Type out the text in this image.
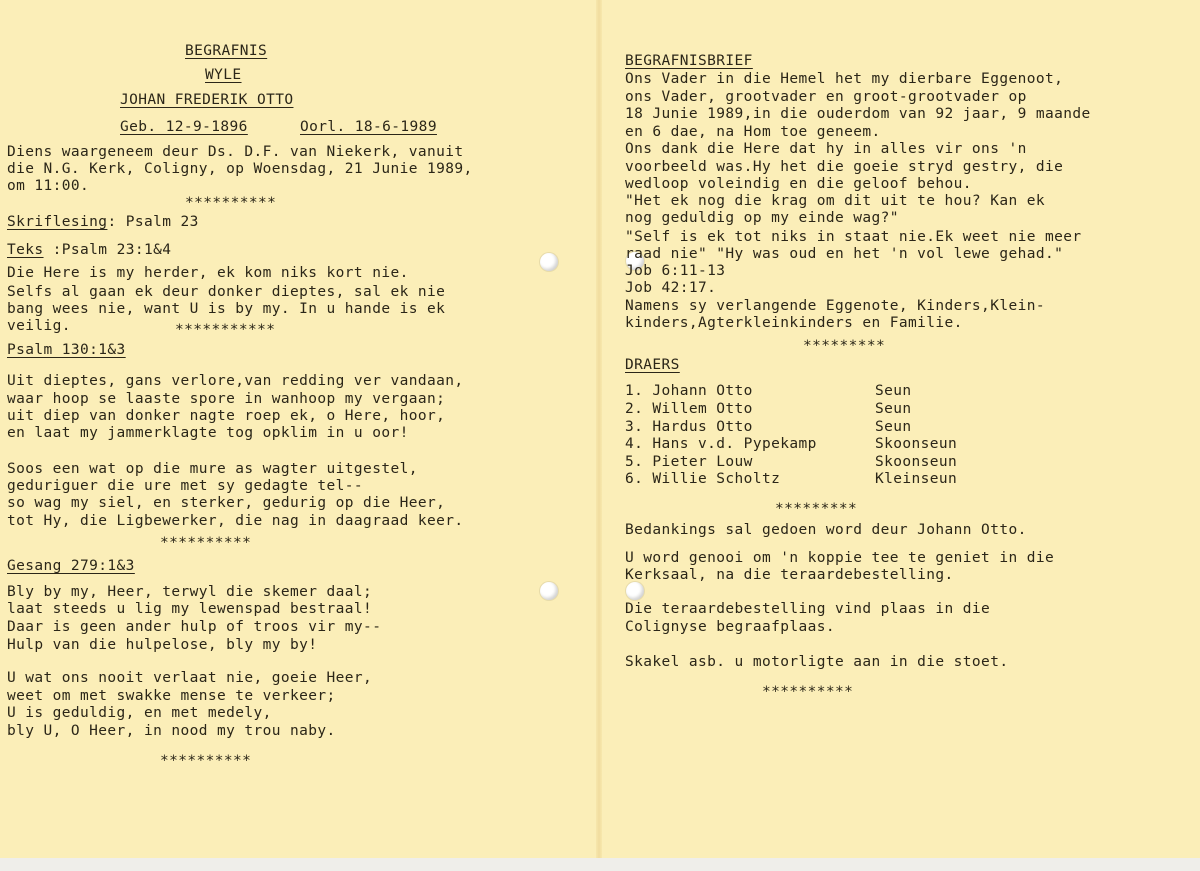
BEGRAFNIS
WYLE
JOHAN FREDERIK OTTO
Geb. 12-9-1896	Oorl. 18-6-1989
Diens waargeneem deur Ds. D.F. van Niekerk, vanuit
die N.G. Kerk, Coligny, op Woensdag, 21 Junie 1989,
om 11:00.
**********
Skriflesing: Psalm 23
Teks :Psalm 23:1&4
Die Here is my herder, ek kom niks kort nie.
Selfs al gaan ek deur donker dieptes, sal ek nie
bang wees nie, want U is by my. In u hande is ek
veilig.	***********
Psalm 130:1&3
Uit dieptes, gans verlore,van redding ver vandaan,
waar hoop se laaste spore in wanhoop my vergaan;
uit diep van donker nagte roep ek, o Here, hoor,
en laat my jammerklagte tog opklim in u oor!
Soos een wat op die mure as wagter uitgestel,
geduriguer die ure met sy gedagte tel--
so wag my siel, en sterker, gedurig op die Heer,
tot Hy, die Ligbewerker, die nag in daagraad keer.
**********
Gesang 279:1&3
Bly by my, Heer, terwyl die skemer daal;
laat steeds u lig my lewenspad bestraal!
Daar is geen ander hulp of troos vir my--
Hulp van die hulpelose, bly my by!
U wat ons nooit verlaat nie, goeie Heer,
weet om met swakke mense te verkeer;
U is geduldig, en met medely,
bly U, O Heer, in nood my trou naby.
**********
BEGRAFNISBRIEF
Ons Vader in die Hemel het my dierbare Eggenoot,
ons Vader, grootvader en groot-grootvader op
18 Junie 1989,in die ouderdom van 92 jaar, 9 maande
en 6 dae, na Hom toe geneem.
Ons dank die Here dat hy in alles vir ons 'n
voorbeeld was.Hy het die goeie stryd gestry, die
wedloop voleindig en die geloof behou.
"Het ek nog die krag om dit uit te hou? Kan ek
nog geduldig op my einde wag?"
"Self is ek tot niks in staat nie.Ek weet nie meer
raad nie" "Hy was oud en het 'n vol lewe gehad."
Job 6:11-13
Job 42:17.
Namens sy verlangende Eggenote, Kinders,Klein-
kinders,Agterkleinkinders en Familie.
*********
DRAERS
1. Johann Otto	Seun
2. Willem Otto	Seun
3. Hardus Otto	Seun
4. Hans v.d. Pypekamp	Skoonseun
5. Pieter Louw	Skoonseun
6. Willie Scholtz	Kleinseun
*********
Bedankings sal gedoen word deur Johann Otto.
U word genooi om 'n koppie tee te geniet in die
Kerksaal, na die teraardebestelling.
Die teraardebestelling vind plaas in die
Colignyse begraafplaas.
Skakel asb. u motorligte aan in die stoet.
**********
